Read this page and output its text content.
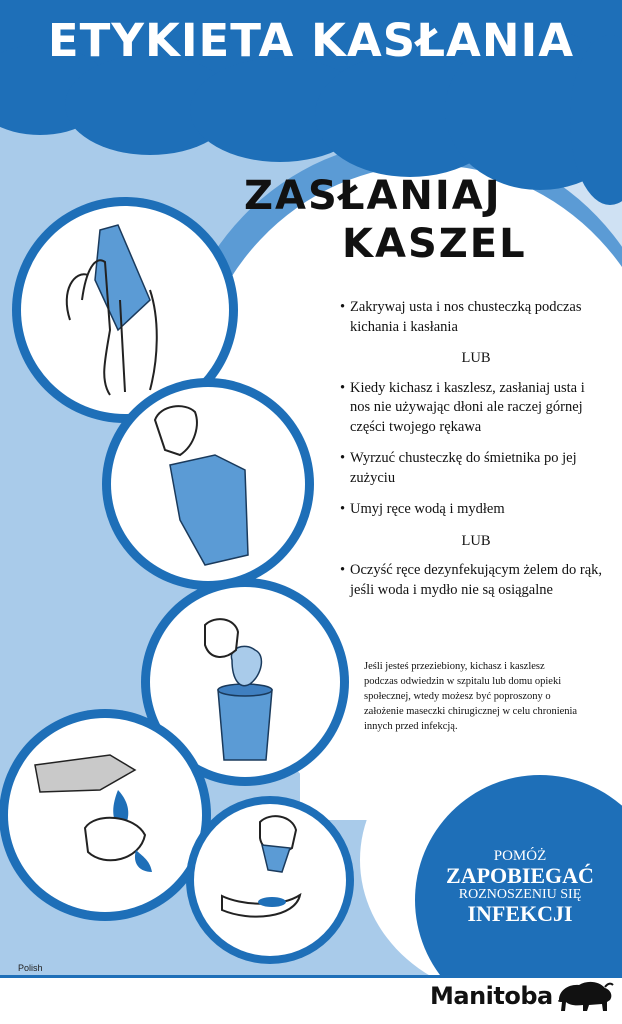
ETYKIETA KASŁANIA
ZASŁANIAJ
KASZEL
• Zakrywaj usta i nos chusteczką podczas kichania i kasłania
LUB
• Kiedy kichasz i kaszlesz, zasłaniaj usta i nos nie używając dłoni ale raczej górnej części twojego rękawa
• Wyrzuć chusteczkę do śmietnika po jej zużyciu
• Umyj ręce wodą i mydłem
LUB
• Oczyść ręce dezynfekującym żelem do rąk, jeśli woda i mydło nie są osiągalne

Jeśli jesteś przeziebiony, kichasz i kaszlesz podczas odwiedzin w szpitalu lub domu opieki społecznej, wtedy możesz być poproszony o założenie maseczki chirugicznej w celu chronienia innych przed infekcją.

POMÓŻ
ZAPOBIEGAĆ
ROZNOSZENIU SIĘ
INFEKCJI
Polish
Manitoba
